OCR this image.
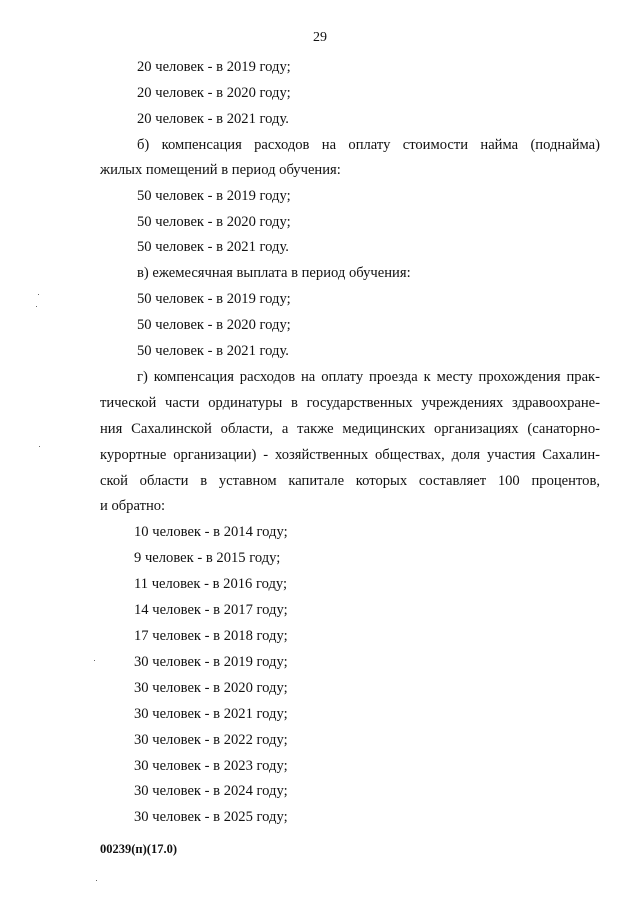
29
20 человек - в 2019 году;
20 человек - в 2020 году;
20 человек - в 2021 году.
б) компенсация расходов на оплату стоимости найма (поднайма)
жилых помещений в период обучения:
50 человек - в 2019 году;
50 человек - в 2020 году;
50 человек - в 2021 году.
в) ежемесячная выплата в период обучения:
50 человек - в 2019 году;
50 человек - в 2020 году;
50 человек - в 2021 году.
г) компенсация расходов на оплату проезда к месту прохождения прак-
тической части ординатуры в государственных учреждениях здравоохране-
ния Сахалинской области, а также медицинских организациях (санаторно-
курортные организации) - хозяйственных обществах, доля участия Сахалин-
ской области в уставном капитале которых составляет 100 процентов,
и обратно:
10 человек - в 2014 году;
9 человек - в 2015 году;
11 человек - в 2016 году;
14 человек - в 2017 году;
17 человек - в 2018 году;
30 человек - в 2019 году;
30 человек - в 2020 году;
30 человек - в 2021 году;
30 человек - в 2022 году;
30 человек - в 2023 году;
30 человек - в 2024 году;
30 человек - в 2025 году;
00239(п)(17.0)
